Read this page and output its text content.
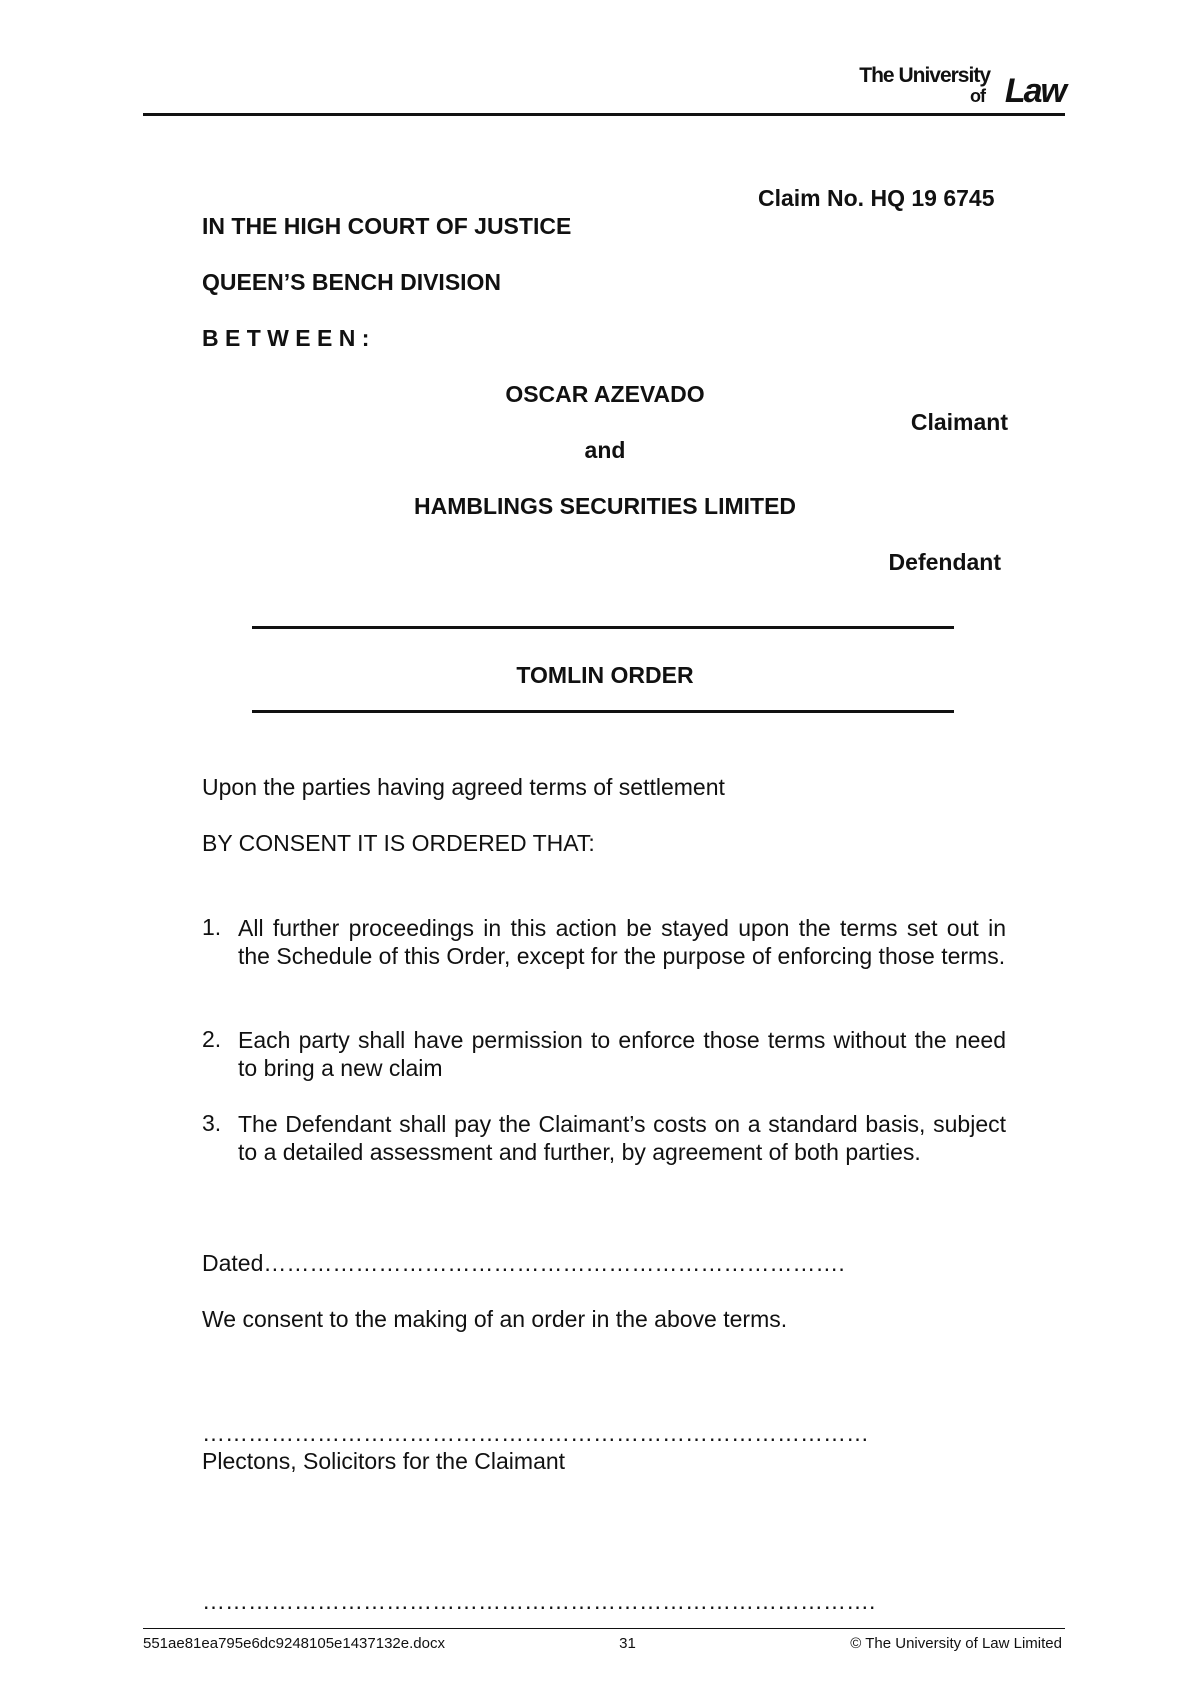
The University
of Law
Claim No. HQ 19 6745
IN THE HIGH COURT OF JUSTICE
QUEEN’S BENCH DIVISION
B E T W E E N :
OSCAR AZEVADO
Claimant
and
HAMBLINGS SECURITIES LIMITED
Defendant
TOMLIN ORDER
Upon the parties having agreed terms of settlement
BY CONSENT IT IS ORDERED THAT:
1. All further proceedings in this action be stayed upon the terms set out in the Schedule of this Order, except for the purpose of enforcing those terms.
2. Each party shall have permission to enforce those terms without the need to bring a new claim
3. The Defendant shall pay the Claimant’s costs on a standard basis, subject to a detailed assessment and further, by agreement of both parties.
Dated………………………………………………………………….
We consent to the making of an order in the above terms.
……………………………………………………………………………
Plectons, Solicitors for the Claimant
…………………………………………………………………………….
551ae81ea795e6dc9248105e1437132e.docx	31	© The University of Law Limited
